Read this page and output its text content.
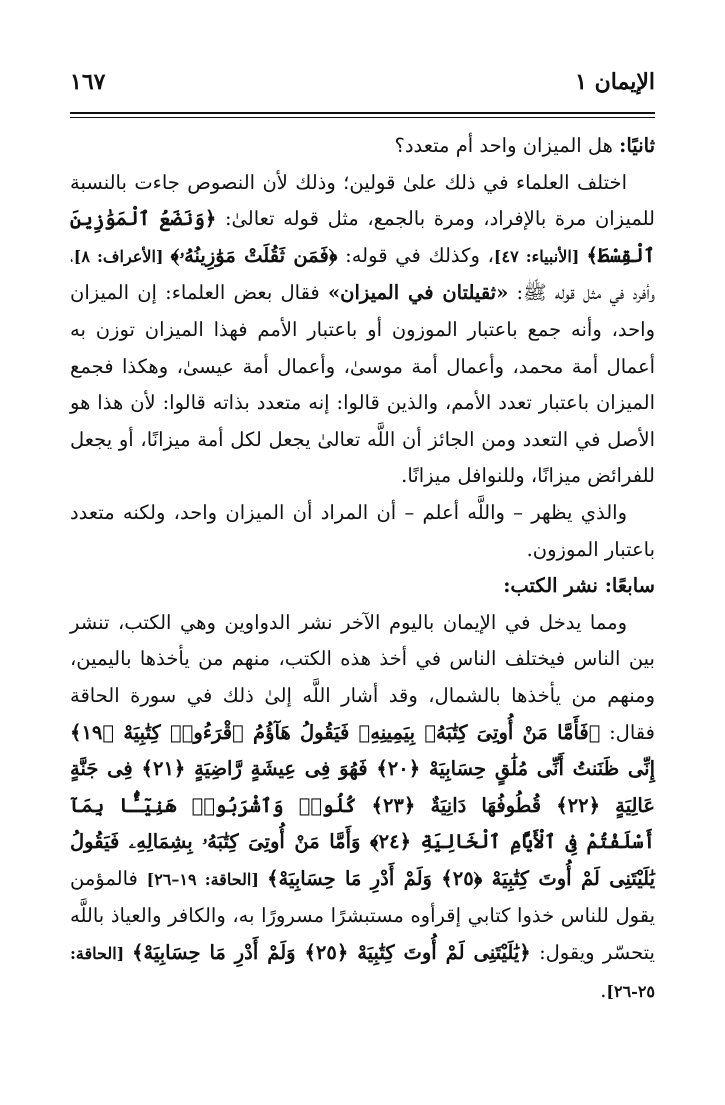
الإيمان ١
١٦٧

ثانيًا: هل الميزان واحد أم متعدد؟

اختلف العلماء في ذلك علىٰ قولين؛ وذلك لأن النصوص جاءت بالنسبة للميزان مرة بالإفراد، ومرة بالجمع، مثل قوله تعالىٰ: ﴿وَنَضَعُ ٱلْمَوَٰزِينَ ٱلْقِسْطَ﴾ [الأنبياء: ٤٧]، وكذلك في قوله: ﴿فَمَن ثَقُلَتْ مَوَٰزِينُهُۥ﴾ [الأعراف: ٨]، وأفرد في مثل قوله ﷺ: «ثقيلتان في الميزان» فقال بعض العلماء: إن الميزان واحد، وأنه جمع باعتبار الموزون أو باعتبار الأمم فهذا الميزان توزن به أعمال أمة محمد، وأعمال أمة موسىٰ، وأعمال أمة عيسىٰ، وهكذا فجمع الميزان باعتبار تعدد الأمم، والذين قالوا: إنه متعدد بذاته قالوا: لأن هذا هو الأصل في التعدد ومن الجائز أن اللَّه تعالىٰ يجعل لكل أمة ميزانًا، أو يجعل للفرائض ميزانًا، وللنوافل ميزانًا.

والذي يظهر – واللَّه أعلم – أن المراد أن الميزان واحد، ولكنه متعدد باعتبار الموزون.

سابعًا: نشر الكتب:

ومما يدخل في الإيمان باليوم الآخر نشر الدواوين وهي الكتب، تنشر بين الناس فيختلف الناس في أخذ هذه الكتب، منهم من يأخذها باليمين، ومنهم من يأخذها بالشمال، وقد أشار اللَّه إلىٰ ذلك في سورة الحاقة فقال: ﴿فَأَمَّا مَنْ أُوتِىَ كِتَٰبَهُۥ بِيَمِينِهِۦ فَيَقُولُ هَآؤُمُ ٱقْرَءُوا۟ كِتَٰبِيَهْ ﴿١٩﴾ إِنِّى ظَنَنتُ أَنِّى مُلَٰقٍ حِسَابِيَهْ ﴿٢٠﴾ فَهُوَ فِى عِيشَةٍ رَّاضِيَةٍ ﴿٢١﴾ فِى جَنَّةٍ عَالِيَةٍ ﴿٢٢﴾ قُطُوفُهَا دَانِيَةٌ ﴿٢٣﴾ كُلُوا۟ وَٱشْرَبُوا۟ هَنِيٓـًٔۢا بِمَآ أَسْلَفْتُمْ فِى ٱلْأَيَّامِ ٱلْخَالِيَةِ ﴿٢٤﴾ وَأَمَّا مَنْ أُوتِىَ كِتَٰبَهُۥ بِشِمَالِهِۦ فَيَقُولُ يَٰلَيْتَنِى لَمْ أُوتَ كِتَٰبِيَهْ ﴿٢٥﴾ وَلَمْ أَدْرِ مَا حِسَابِيَهْ﴾ [الحاقة: ١٩–٢٦] فالمؤمن يقول للناس خذوا كتابي إقرأوه مستبشرًا مسرورًا به، والكافر والعياذ باللَّه يتحسّر ويقول: ﴿يَٰلَيْتَنِى لَمْ أُوتَ كِتَٰبِيَهْ ﴿٢٥﴾ وَلَمْ أَدْرِ مَا حِسَابِيَهْ﴾ [الحاقة: ٢٥-٢٦].
